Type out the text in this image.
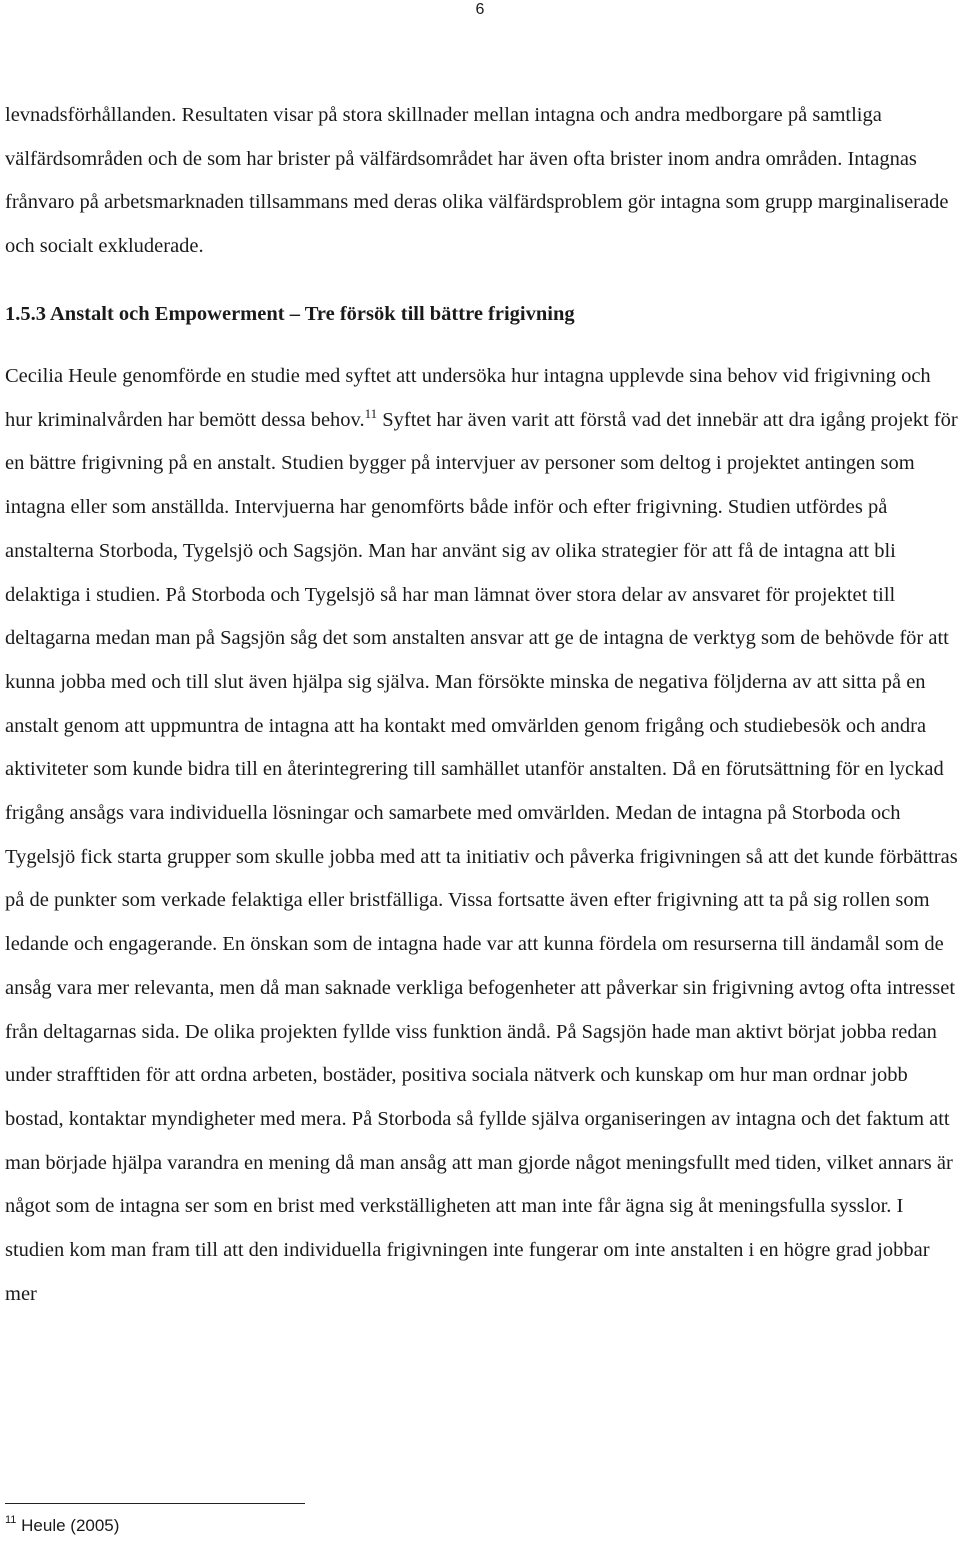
6

levnadsförhållanden. Resultaten visar på stora skillnader mellan intagna och andra medborgare på samtliga välfärdsområden och de som har brister på välfärdsområdet har även ofta brister inom andra områden. Intagnas frånvaro på arbetsmarknaden tillsammans med deras olika välfärdsproblem gör intagna som grupp marginaliserade och socialt exkluderade.

1.5.3 Anstalt och Empowerment – Tre försök till bättre frigivning

Cecilia Heule genomförde en studie med syftet att undersöka hur intagna upplevde sina behov vid frigivning och hur kriminalvården har bemött dessa behov.$^{11}$ Syftet har även varit att förstå vad det innebär att dra igång projekt för en bättre frigivning på en anstalt. Studien bygger på intervjuer av personer som deltog i projektet antingen som intagna eller som anställda. Intervjuerna har genomförts både inför och efter frigivning. Studien utfördes på anstalterna Storboda, Tygelsjö och Sagsjön. Man har använt sig av olika strategier för att få de intagna att bli delaktiga i studien. På Storboda och Tygelsjö så har man lämnat över stora delar av ansvaret för projektet till deltagarna medan man på Sagsjön såg det som anstalten ansvar att ge de intagna de verktyg som de behövde för att kunna jobba med och till slut även hjälpa sig själva. Man försökte minska de negativa följderna av att sitta på en anstalt genom att uppmuntra de intagna att ha kontakt med omvärlden genom frigång och studiebesök och andra aktiviteter som kunde bidra till en återintegrering till samhället utanför anstalten. Då en förutsättning för en lyckad frigång ansågs vara individuella lösningar och samarbete med omvärlden. Medan de intagna på Storboda och Tygelsjö fick starta grupper som skulle jobba med att ta initiativ och påverka frigivningen så att det kunde förbättras på de punkter som verkade felaktiga eller bristfälliga. Vissa fortsatte även efter frigivning att ta på sig rollen som ledande och engagerande. En önskan som de intagna hade var att kunna fördela om resurserna till ändamål som de ansåg vara mer relevanta, men då man saknade verkliga befogenheter att påverkar sin frigivning avtog ofta intresset från deltagarnas sida. De olika projekten fyllde viss funktion ändå. På Sagsjön hade man aktivt börjat jobba redan under strafftiden för att ordna arbeten, bostäder, positiva sociala nätverk och kunskap om hur man ordnar jobb bostad, kontaktar myndigheter med mera. På Storboda så fyllde själva organiseringen av intagna och det faktum att man började hjälpa varandra en mening då man ansåg att man gjorde något meningsfullt med tiden, vilket annars är något som de intagna ser som en brist med verkställigheten att man inte får ägna sig åt meningsfulla sysslor. I studien kom man fram till att den individuella frigivningen inte fungerar om inte anstalten i en högre grad jobbar mer

$^{11}$ Heule (2005)
